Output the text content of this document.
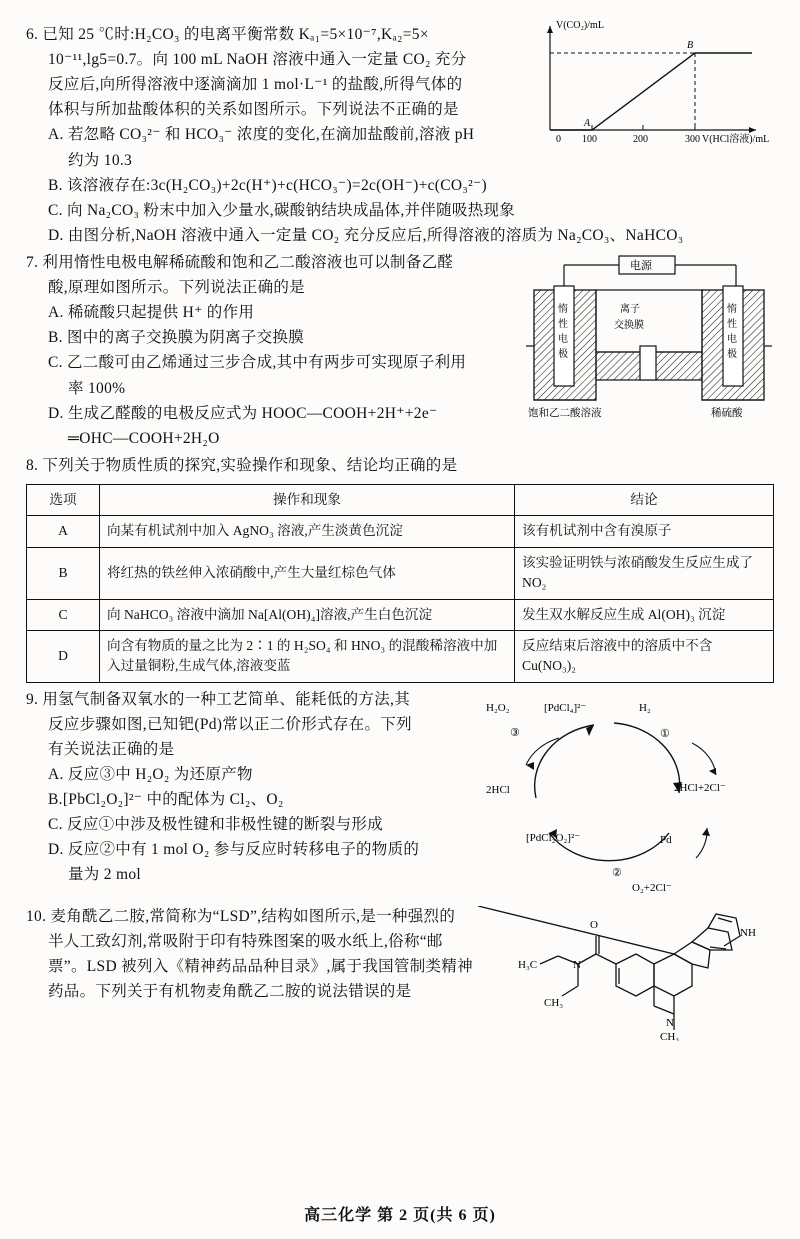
0 100	200	300
A
B
V(CO₂)/mL
V(HCl溶液)/mL
6. 已知 25 ℃时:H₂CO₃ 的电离平衡常数 Kₐ₁=5×10⁻⁷,Kₐ₂=5×
10⁻¹¹,lg5=0.7。向 100 mL NaOH 溶液中通入一定量 CO₂ 充分
反应后,向所得溶液中逐滴滴加 1 mol·L⁻¹ 的盐酸,所得气体的
体积与所加盐酸体积的关系如图所示。下列说法不正确的是
A. 若忽略 CO₃²⁻ 和 HCO₃⁻ 浓度的变化,在滴加盐酸前,溶液 pH
约为 10.3
B. 该溶液存在:3c(H₂CO₃)+2c(H⁺)+c(HCO₃⁻)=2c(OH⁻)+c(CO₃²⁻)
C. 向 Na₂CO₃ 粉末中加入少量水,碳酸钠结块成晶体,并伴随吸热现象
D. 由图分析,NaOH 溶液中通入一定量 CO₂ 充分反应后,所得溶液的溶质为 Na₂CO₃、NaHCO₃
电源
惰
性
电
极
惰
性
电
极
离子
交换膜
饱和乙二酸溶液	稀硫酸
7. 利用惰性电极电解稀硫酸和饱和乙二酸溶液也可以制备乙醛
酸,原理如图所示。下列说法正确的是
A. 稀硫酸只起提供 H⁺ 的作用
B. 图中的离子交换膜为阴离子交换膜
C. 乙二酸可由乙烯通过三步合成,其中有两步可实现原子利用
率 100%
D. 生成乙醛酸的电极反应式为 HOOC—COOH+2H⁺+2e⁻
═OHC—COOH+2H₂O
8. 下列关于物质性质的探究,实验操作和现象、结论均正确的是
选项	操作和现象	结论
A	向某有机试剂中加入 AgNO₃ 溶液,产生淡黄色沉淀	该有机试剂中含有溴原子
B	将红热的铁丝伸入浓硝酸中,产生大量红棕色气体	该实验证明铁与浓硝酸发生反应生成了 NO₂
C	向 NaHCO₃ 溶液中滴加 Na[Al(OH)₄]溶液,产生白色沉淀	发生双水解反应生成 Al(OH)₃ 沉淀
D	向含有物质的量之比为 2∶1 的 H₂SO₄ 和 HNO₃ 的混酸稀溶液中加入过量铜粉,生成气体,溶液变蓝	反应结束后溶液中的溶质中不含 Cu(NO₃)₂
H₂O₂	[PdCl₄]²⁻	H₂
2HCl	2HCl+2Cl⁻
[PdCl₂O₂]²⁻	Pd
O₂+2Cl⁻
③	①
②
9. 用氢气制备双氧水的一种工艺简单、能耗低的方法,其
反应步骤如图,已知钯(Pd)常以正二价形式存在。下列
有关说法正确的是
A. 反应③中 H₂O₂ 为还原产物
B.[PbCl₂O₂]²⁻ 中的配体为 Cl₂、O₂
C. 反应①中涉及极性键和非极性键的断裂与形成
D. 反应②中有 1 mol O₂ 参与反应时转移电子的物质的
量为 2 mol
O
N
H₃C
CH₃
N
CH₃
NH
10. 麦角酰乙二胺,常简称为“LSD”,结构如图所示,是一种强烈的
半人工致幻剂,常吸附于印有特殊图案的吸水纸上,俗称“邮
票”。LSD 被列入《精神药品品种目录》,属于我国管制类精神
药品。下列关于有机物麦角酰乙二胺的说法错误的是
高三化学 第 2 页(共 6 页)
